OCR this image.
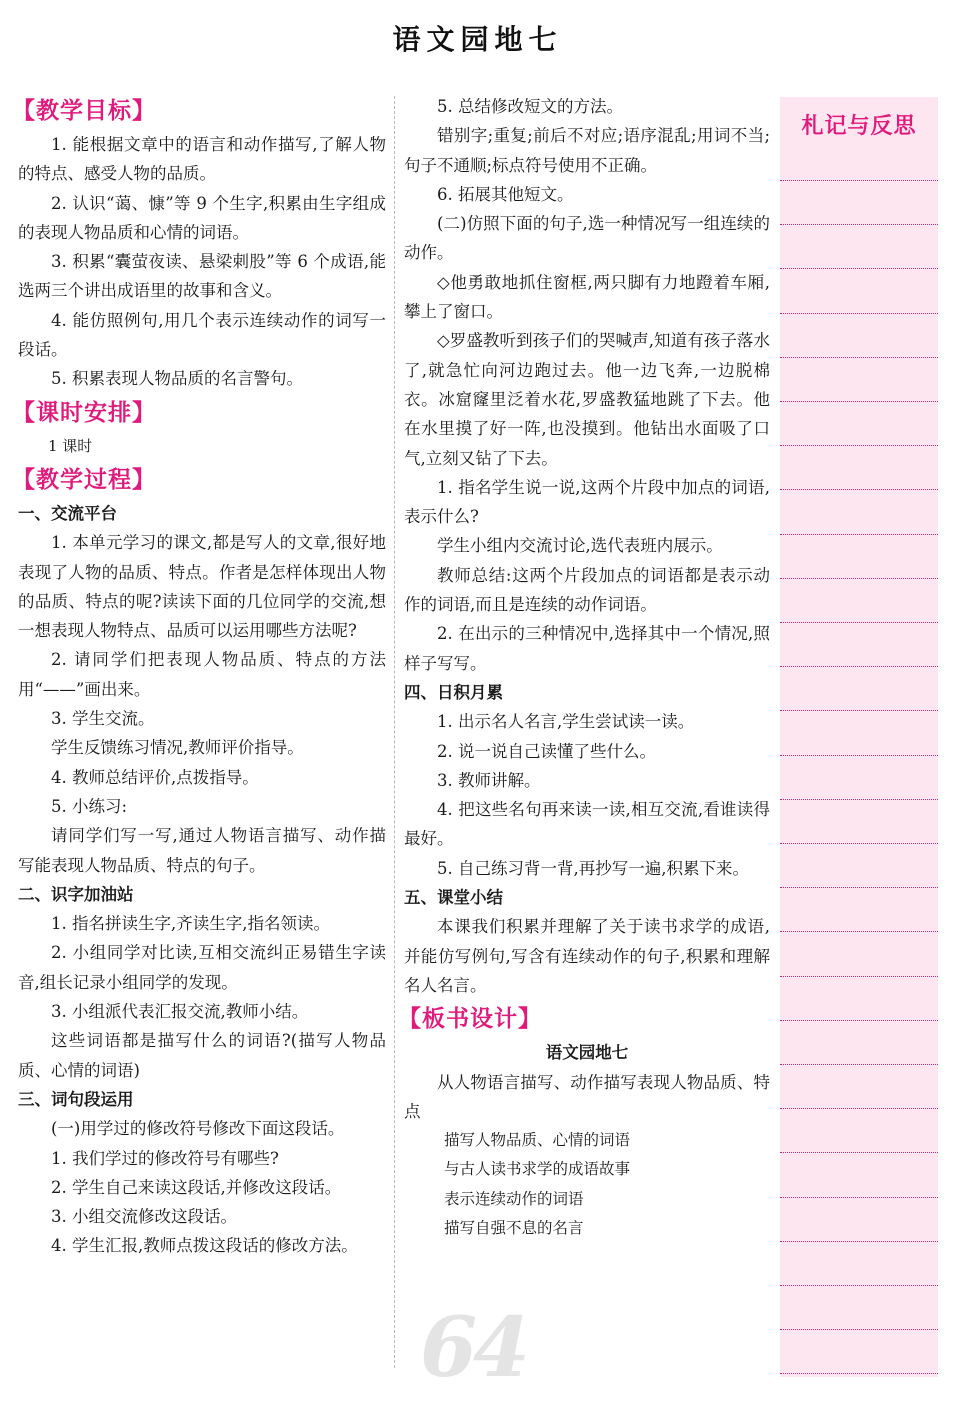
语文园地七
【教学目标】

1. 能根据文章中的语言和动作描写,了解人物的特点、感受人物的品质。

2. 认识“蔼、慷”等 9 个生字,积累由生字组成的表现人物品质和心情的词语。

3. 积累“囊萤夜读、悬梁刺股”等 6 个成语,能选两三个讲出成语里的故事和含义。

4. 能仿照例句,用几个表示连续动作的词写一段话。

5. 积累表现人物品质的名言警句。

【课时安排】

1 课时

【教学过程】

一、交流平台

1. 本单元学习的课文,都是写人的文章,很好地表现了人物的品质、特点。作者是怎样体现出人物的品质、特点的呢?读读下面的几位同学的交流,想一想表现人物特点、品质可以运用哪些方法呢?

2. 请同学们把表现人物品质、特点的方法用“——”画出来。

3. 学生交流。

学生反馈练习情况,教师评价指导。

4. 教师总结评价,点拨指导。

5. 小练习:

请同学们写一写,通过人物语言描写、动作描写能表现人物品质、特点的句子。

二、识字加油站

1. 指名拼读生字,齐读生字,指名领读。

2. 小组同学对比读,互相交流纠正易错生字读音,组长记录小组同学的发现。

3. 小组派代表汇报交流,教师小结。

这些词语都是描写什么的词语?(描写人物品质、心情的词语)

三、词句段运用

(一)用学过的修改符号修改下面这段话。

1. 我们学过的修改符号有哪些?

2. 学生自己来读这段话,并修改这段话。

3. 小组交流修改这段话。

4. 学生汇报,教师点拨这段话的修改方法。

64

5. 总结修改短文的方法。

错别字;重复;前后不对应;语序混乱;用词不当;句子不通顺;标点符号使用不正确。

6. 拓展其他短文。

(二)仿照下面的句子,选一种情况写一组连续的动作。

◇他勇敢地抓住窗框,两只脚有力地蹬着车厢,攀上了窗口。

◇罗盛教听到孩子们的哭喊声,知道有孩子落水了,就急忙向河边跑过去。他一边飞奔,一边脱棉衣。冰窟窿里泛着水花,罗盛教猛地跳了下去。他在水里摸了好一阵,也没摸到。他钻出水面吸了口气,立刻又钻了下去。

1. 指名学生说一说,这两个片段中加点的词语,表示什么?

学生小组内交流讨论,选代表班内展示。

教师总结:这两个片段加点的词语都是表示动作的词语,而且是连续的动作词语。

2. 在出示的三种情况中,选择其中一个情况,照样子写写。

四、日积月累

1. 出示名人名言,学生尝试读一读。

2. 说一说自己读懂了些什么。

3. 教师讲解。

4. 把这些名句再来读一读,相互交流,看谁读得最好。

5. 自己练习背一背,再抄写一遍,积累下来。

五、课堂小结

本课我们积累并理解了关于读书求学的成语,并能仿写例句,写含有连续动作的句子,积累和理解名人名言。

【板书设计】

语文园地七

从人物语言描写、动作描写表现人物品质、特点

描写人物品质、心情的词语

与古人读书求学的成语故事

表示连续动作的词语

描写自强不息的名言

札记与反思
